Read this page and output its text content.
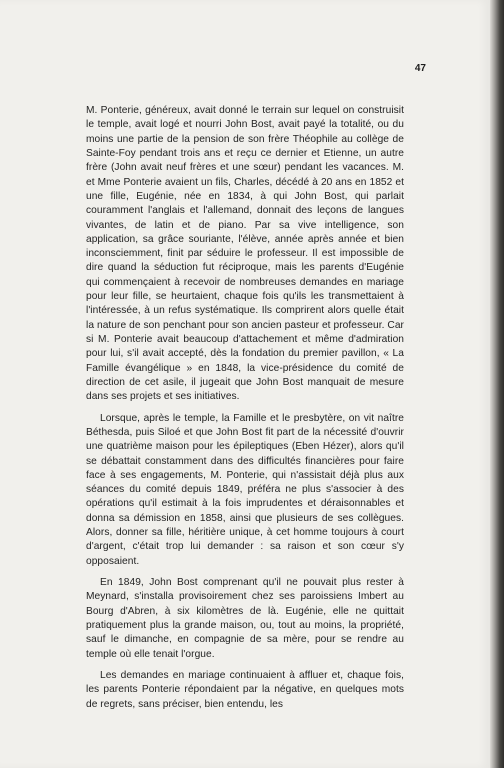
47

M. Ponterie, généreux, avait donné le terrain sur lequel on construisit le temple, avait logé et nourri John Bost, avait payé la totalité, ou du moins une partie de la pension de son frère Théophile au collège de Sainte-Foy pendant trois ans et reçu ce dernier et Etienne, un autre frère (John avait neuf frères et une sœur) pendant les vacances. M. et Mme Ponterie avaient un fils, Charles, décédé à 20 ans en 1852 et une fille, Eugénie, née en 1834, à qui John Bost, qui parlait couramment l'anglais et l'allemand, donnait des leçons de langues vivantes, de latin et de piano. Par sa vive intelligence, son application, sa grâce souriante, l'élève, année après année et bien inconsciemment, finit par séduire le professeur. Il est impossible de dire quand la séduction fut réciproque, mais les parents d'Eugénie qui commençaient à recevoir de nombreuses demandes en mariage pour leur fille, se heurtaient, chaque fois qu'ils les transmettaient à l'intéressée, à un refus systématique. Ils comprirent alors quelle était la nature de son penchant pour son ancien pasteur et professeur. Car si M. Ponterie avait beaucoup d'attachement et même d'admiration pour lui, s'il avait accepté, dès la fondation du premier pavillon, « La Famille évangélique » en 1848, la vice-présidence du comité de direction de cet asile, il jugeait que John Bost manquait de mesure dans ses projets et ses initiatives.

Lorsque, après le temple, la Famille et le presbytère, on vit naître Béthesda, puis Siloé et que John Bost fit part de la nécessité d'ouvrir une quatrième maison pour les épileptiques (Eben Hézer), alors qu'il se débattait constamment dans des difficultés financières pour faire face à ses engagements, M. Ponterie, qui n'assistait déjà plus aux séances du comité depuis 1849, préféra ne plus s'associer à des opérations qu'il estimait à la fois imprudentes et déraisonnables et donna sa démission en 1858, ainsi que plusieurs de ses collègues. Alors, donner sa fille, héritière unique, à cet homme toujours à court d'argent, c'était trop lui demander : sa raison et son cœur s'y opposaient.

En 1849, John Bost comprenant qu'il ne pouvait plus rester à Meynard, s'installa provisoirement chez ses paroissiens Imbert au Bourg d'Abren, à six kilomètres de là. Eugénie, elle ne quittait pratiquement plus la grande maison, ou, tout au moins, la propriété, sauf le dimanche, en compagnie de sa mère, pour se rendre au temple où elle tenait l'orgue.

Les demandes en mariage continuaient à affluer et, chaque fois, les parents Ponterie répondaient par la négative, en quelques mots de regrets, sans préciser, bien entendu, les
